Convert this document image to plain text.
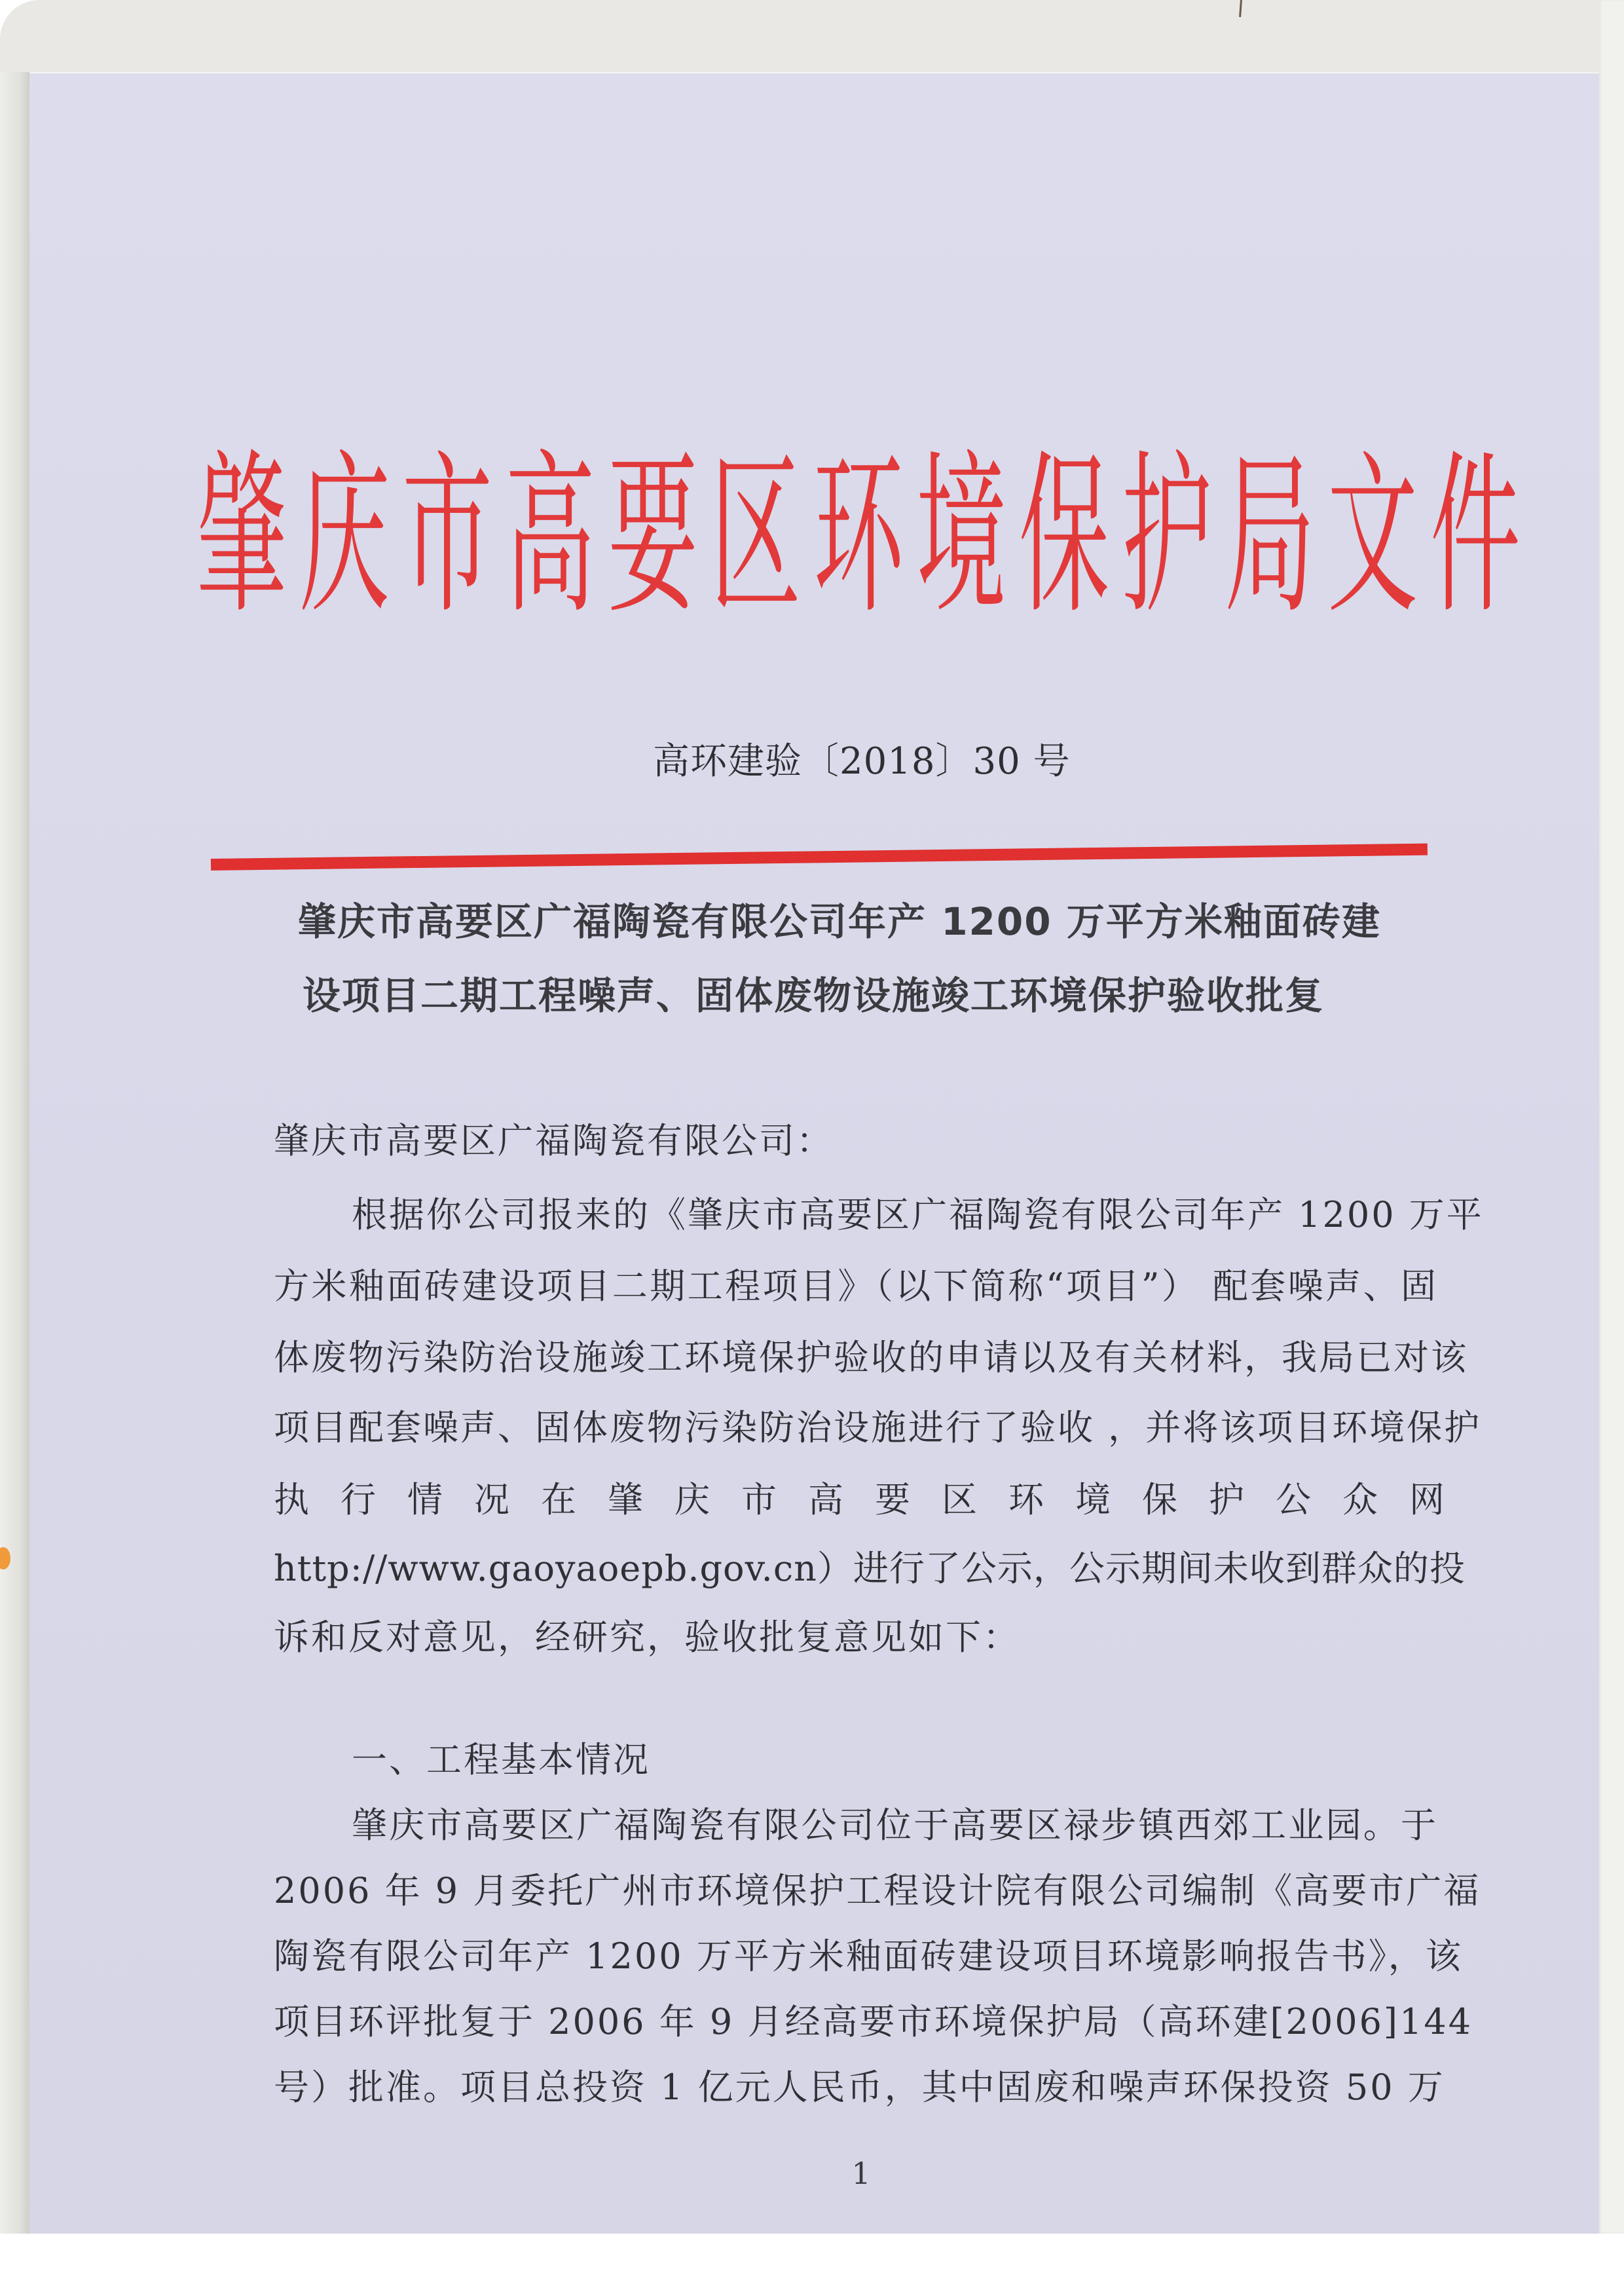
肇庆市高要区环境保护局文件
高环建验〔2018〕30 号
肇庆市高要区广福陶瓷有限公司年产 1200 万平方米釉面砖建
设项目二期工程噪声、固体废物设施竣工环境保护验收批复
肇庆市高要区广福陶瓷有限公司：
根据你公司报来的《肇庆市高要区广福陶瓷有限公司年产 1200 万平
方米釉面砖建设项目二期工程项目》（以下简称“项目”） 配套噪声、固
体废物污染防治设施竣工环境保护验收的申请以及有关材料，我局已对该
项目配套噪声、固体废物污染防治设施进行了验收 ，并将该项目环境保护
执行情况在肇庆市高要区环境保护公众网
http://www.gaoyaoepb.gov.cn）进行了公示，公示期间未收到群众的投
诉和反对意见，经研究，验收批复意见如下：
一、工程基本情况
肇庆市高要区广福陶瓷有限公司位于高要区禄步镇西郊工业园。于
2006 年 9 月委托广州市环境保护工程设计院有限公司编制《高要市广福
陶瓷有限公司年产 1200 万平方米釉面砖建设项目环境影响报告书》，该
项目环评批复于 2006 年 9 月经高要市环境保护局（高环建[2006]144
号）批准。项目总投资 1 亿元人民币，其中固废和噪声环保投资 50 万
1
